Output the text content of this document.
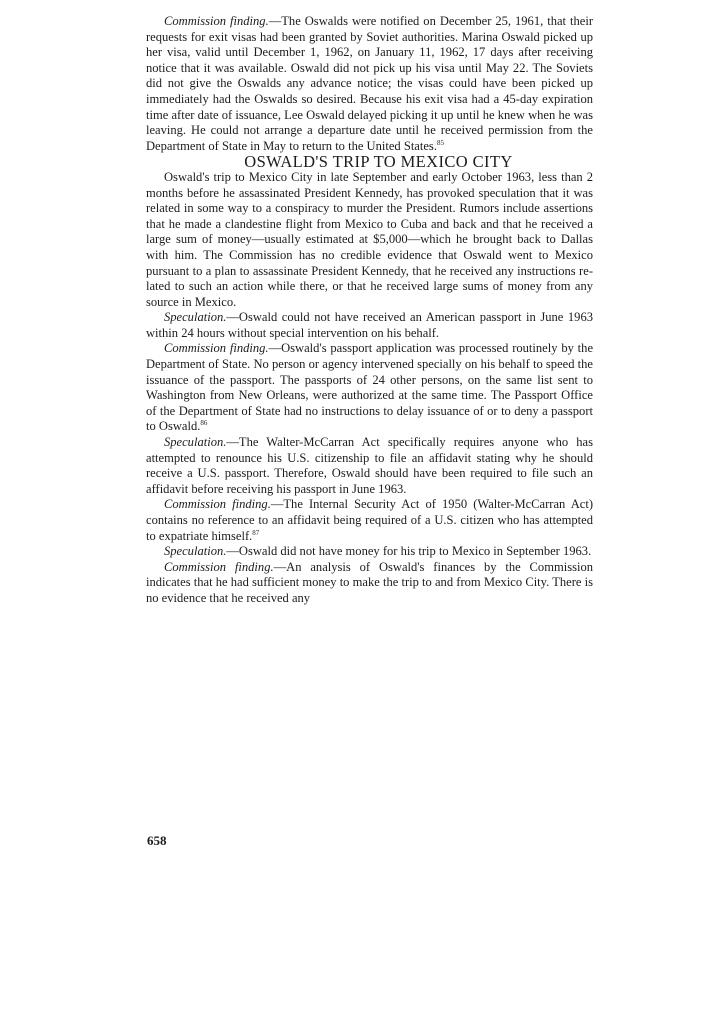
Commission finding.—The Oswalds were notified on December 25, 1961, that their requests for exit visas had been granted by Soviet authorities. Marina Oswald picked up her visa, valid until December 1, 1962, on January 11, 1962, 17 days after receiving notice that it was available. Oswald did not pick up his visa until May 22. The Soviets did not give the Oswalds any advance notice; the visas could have been picked up immediately had the Oswalds so desired. Because his exit visa had a 45-day expiration time after date of issuance, Lee Oswald delayed picking it up until he knew when he was leaving. He could not arrange a departure date until he received permission from the Department of State in May to return to the United States.$^{85}$

OSWALD'S TRIP TO MEXICO CITY

Oswald's trip to Mexico City in late September and early October 1963, less than 2 months before he assassinated President Kennedy, has provoked speculation that it was related in some way to a conspiracy to murder the President. Rumors include assertions that he made a clandestine flight from Mexico to Cuba and back and that he received a large sum of money—usually estimated at $5,000—which he brought back to Dallas with him. The Commission has no credible evidence that Oswald went to Mexico pursuant to a plan to assassinate President Kennedy, that he received any instructions related to such an action while there, or that he received large sums of money from any source in Mexico.

Speculation.—Oswald could not have received an American passport in June 1963 within 24 hours without special intervention on his behalf.

Commission finding.—Oswald's passport application was processed routinely by the Department of State. No person or agency intervened specially on his behalf to speed the issuance of the passport. The passports of 24 other persons, on the same list sent to Washington from New Orleans, were authorized at the same time. The Passport Office of the Department of State had no instructions to delay issuance of or to deny a passport to Oswald.$^{86}$

Speculation.—The Walter-McCarran Act specifically requires anyone who has attempted to renounce his U.S. citizenship to file an affidavit stating why he should receive a U.S. passport. Therefore, Oswald should have been required to file such an affidavit before receiving his passport in June 1963.

Commission finding.—The Internal Security Act of 1950 (Walter-McCarran Act) contains no reference to an affidavit being required of a U.S. citizen who has attempted to expatriate himself.$^{87}$

Speculation.—Oswald did not have money for his trip to Mexico in September 1963.

Commission finding.—An analysis of Oswald's finances by the Commission indicates that he had sufficient money to make the trip to and from Mexico City. There is no evidence that he received any

658
